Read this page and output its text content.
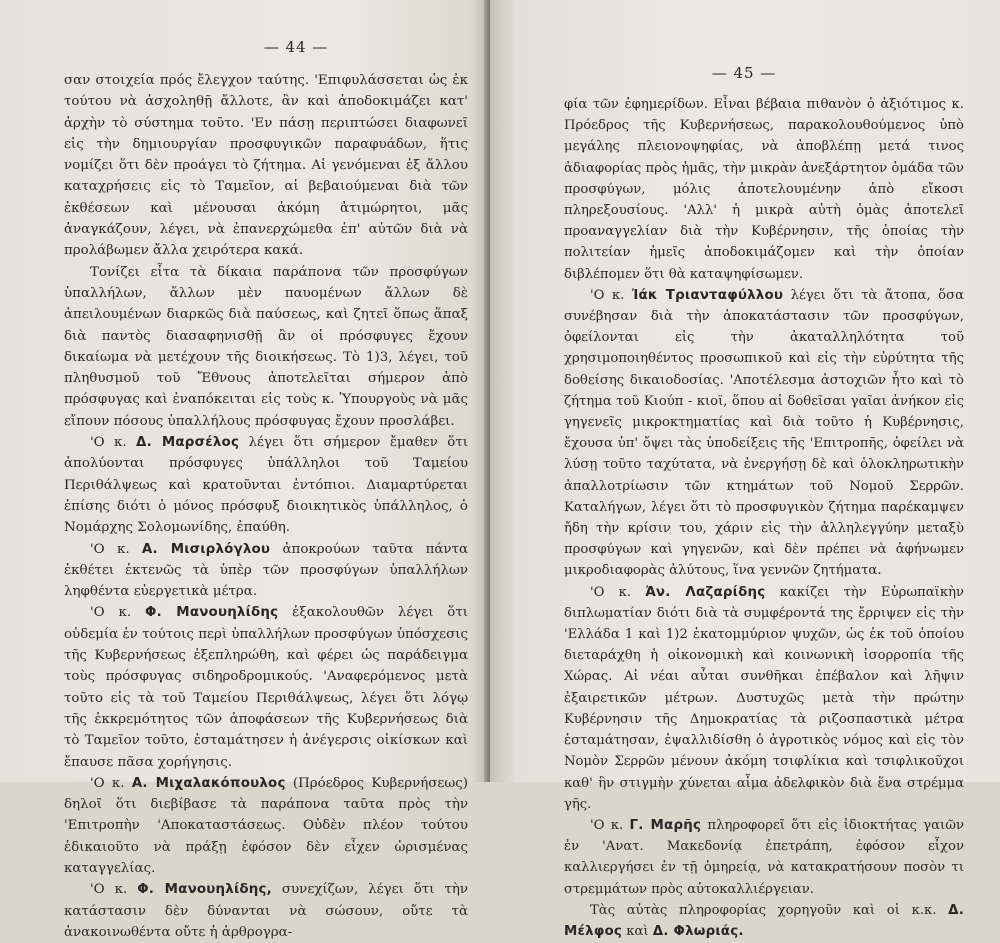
— 44 —

σαν στοιχεία πρός ἔλεγχον ταύτης. 'Επιφυλάσσεται ὡς ἐκ τούτου νὰ ἀσχοληθῇ ἄλλοτε, ἂν καὶ ἀποδοκιμάζει κατ' ἀρχὴν τὸ σύστημα τοῦτο. 'Εν πάσῃ περιπτώσει διαφωνεῖ εἰς τὴν δημιουργίαν προσφυγικῶν παραφυάδων, ἥτις νομίζει ὅτι δὲν προάγει τὸ ζήτημα. Αἱ γενόμεναι ἐξ ἄλλου καταχρήσεις εἰς τὸ Ταμεῖον, αἱ βεβαιούμεναι διὰ τῶν ἐκθέσεων καὶ μένουσαι ἀκόμη ἀτιμώρητοι, μᾶς ἀναγκάζουν, λέγει, νὰ ἐπανερχώμεθα ἐπ' αὐτῶν διὰ νὰ προλάβωμεν ἄλλα χειρότερα κακά.

Τονίζει εἶτα τὰ δίκαια παράπονα τῶν προσφύγων ὑπαλλήλων, ἄλλων μὲν παυομένων ἄλλων δὲ ἀπειλουμένων διαρκῶς διὰ παύσεως, καὶ ζητεῖ ὅπως ἅπαξ διὰ παντὸς διασαφηνισθῇ ἂν οἱ πρόσφυγες ἔχουν δικαίωμα νὰ μετέχουν τῆς διοικήσεως. Τὸ 1)3, λέγει, τοῦ πληθυσμοῦ τοῦ Ἔθνους ἀποτελεῖται σήμερον ἀπὸ πρόσφυγας καὶ ἐναπόκειται εἰς τοὺς κ. Ὑπουργοὺς νὰ μᾶς εἴπουν πόσους ὑπαλλήλους πρόσφυγας ἔχουν προσλάβει.

'Ο κ. Δ. Μαρσέλος λέγει ὅτι σήμερον ἔμαθεν ὅτι ἀπολύονται πρόσφυγες ὑπάλληλοι τοῦ Ταμείου Περιθάλψεως καὶ κρατοῦνται ἐντόπιοι. Διαμαρτύρεται ἐπίσης διότι ὁ μόνος πρόσφυξ διοικητικὸς ὑπάλληλος, ὁ Νομάρχης Σολομωνίδης, ἐπαύθη.

'Ο κ. Α. Μισιρλόγλου ἀποκρούων ταῦτα πάντα ἐκθέτει ἐκτενῶς τὰ ὑπὲρ τῶν προσφύγων ὑπαλλήλων ληφθέντα εὐεργετικὰ μέτρα.

'Ο κ. Φ. Μανουηλίδης ἐξακολουθῶν λέγει ὅτι οὐδεμία ἐν τούτοις περὶ ὑπαλλήλων προσφύγων ὑπόσχεσις τῆς Κυβερνήσεως ἐξεπληρώθη, καὶ φέρει ὡς παράδειγμα τοὺς πρόσφυγας σιδηροδρομικούς. 'Αναφερόμενος μετὰ τοῦτο εἰς τὰ τοῦ Ταμείου Περιθάλψεως, λέγει ὅτι λόγῳ τῆς ἐκκρεμότητος τῶν ἀποφάσεων τῆς Κυβερνήσεως διὰ τὸ Ταμεῖον τοῦτο, ἐσταμάτησεν ἡ ἀνέγερσις οἰκίσκων καὶ ἔπαυσε πᾶσα χορήγησις.

'Ο κ. Α. Μιχαλακόπουλος (Πρόεδρος Κυβερνήσεως) δηλοῖ ὅτι διεβίβασε τὰ παράπονα ταῦτα πρὸς τὴν 'Επιτροπὴν 'Αποκαταστάσεως. Οὐδὲν πλέον τούτου ἐδικαιοῦτο νὰ πράξῃ ἐφόσον δὲν εἶχεν ὡρισμένας καταγγελίας.

'Ο κ. Φ. Μανουηλίδης, συνεχίζων, λέγει ὅτι τὴν κατάστασιν δὲν δύνανται νὰ σώσουν, οὔτε τὰ ἀνακοινωθέντα οὔτε ἡ ἀρθρογρα-

— 45 —

φία τῶν ἐφημερίδων. Εἶναι βέβαια πιθανὸν ὁ ἀξιότιμος κ. Πρόεδρος τῆς Κυβερνήσεως, παρακολουθούμενος ὑπὸ μεγάλης πλειονοψηφίας, νὰ ἀποβλέπῃ μετά τινος ἀδιαφορίας πρὸς ἡμᾶς, τὴν μικρὰν ἀνεξάρτητον ὁμάδα τῶν προσφύγων, μόλις ἀποτελουμένην ἀπὸ εἴκοσι πληρεξουσίους. 'Αλλ' ἡ μικρὰ αὐτὴ ὁμὰς ἀποτελεῖ προαναγγελίαν διὰ τὴν Κυβέρνησιν, τῆς ὁποίας τὴν πολιτείαν ἡμεῖς ἀποδοκιμάζομεν καὶ τὴν ὁποίαν διβλέπομεν ὅτι θὰ καταψηφίσωμεν.

'Ο κ. Ἰάκ Τριανταφύλλου λέγει ὅτι τὰ ἄτοπα, ὅσα συνέβησαν διὰ τὴν ἀποκατάστασιν τῶν προσφύγων, ὀφείλονται εἰς τὴν ἀκαταλληλότητα τοῦ χρησιμοποιηθέντος προσωπικοῦ καὶ εἰς τὴν εὐρύτητα τῆς δοθείσης δικαιοδοσίας. 'Αποτέλεσμα ἀστοχιῶν ἦτο καὶ τὸ ζήτημα τοῦ Κιούπ - κιοϊ, ὅπου αἱ δοθεῖσαι γαῖαι ἀνήκον εἰς γηγενεῖς μικροκτηματίας καὶ διὰ τοῦτο ἡ Κυβέρνησις, ἔχουσα ὑπ' ὄψει τὰς ὑποδείξεις τῆς 'Επιτροπῆς, ὀφείλει νὰ λύσῃ τοῦτο ταχύτατα, νὰ ἐνεργήσῃ δὲ καὶ ὁλοκληρωτικὴν ἀπαλλοτρίωσιν τῶν κτημάτων τοῦ Νομοῦ Σερρῶν. Καταλήγων, λέγει ὅτι τὸ προσφυγικὸν ζήτημα παρέκαμψεν ἤδη τὴν κρίσιν του, χάριν εἰς τὴν ἀλληλεγγύην μεταξὺ προσφύγων καὶ γηγενῶν, καὶ δὲν πρέπει νὰ ἀφήνωμεν μικροδιαφορὰς ἀλύτους, ἵνα γεννῶν ζητήματα.

'Ο κ. Ἀν. Λαζαρίδης κακίζει τὴν Εὐρωπαϊκὴν διπλωματίαν διότι διὰ τὰ συμφέροντά της ἔρριψεν εἰς τὴν 'Ελλάδα 1 καὶ 1)2 ἑκατομμύριον ψυχῶν, ὡς ἐκ τοῦ ὁποίου διεταράχθη ἡ οἰκονομικὴ καὶ κοινωνικὴ ἰσορροπία τῆς Χώρας. Αἱ νέαι αὗται συνθῆκαι ἐπέβαλον καὶ λῆψιν ἐξαιρετικῶν μέτρων. Δυστυχῶς μετὰ τὴν πρώτην Κυβέρνησιν τῆς Δημοκρατίας τὰ ριζοσπαστικὰ μέτρα ἐσταμάτησαν, ἐψαλλιδίσθη ὁ ἀγροτικὸς νόμος καὶ εἰς τὸν Νομὸν Σερρῶν μένουν ἀκόμη τσιφλίκια καὶ τσιφλικοῦχοι καθ' ἣν στιγμὴν χύνεται αἷμα ἀδελφικὸν διὰ ἕνα στρέμμα γῆς.

'Ο κ. Γ. Μαρῆς πληροφορεῖ ὅτι εἰς ἰδιοκτήτας γαιῶν ἐν 'Ανατ. Μακεδονίᾳ ἐπετράπη, ἐφόσον εἶχον καλλιεργήσει ἐν τῇ ὁμηρείᾳ, νὰ κατακρατήσουν ποσὸν τι στρεμμάτων πρὸς αὐτοκαλλιέργειαν.

Τὰς αὐτὰς πληροφορίας χορηγοῦν καὶ οἱ κ.κ. Δ. Μέλφος καὶ Δ. Φλωριάς.
